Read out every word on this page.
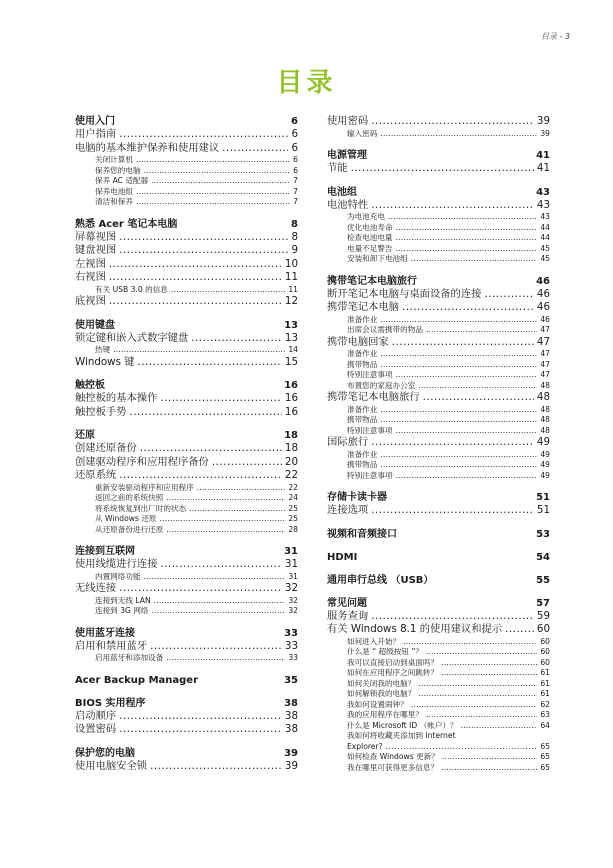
目录 - 3
目录
使用入门	6
用户指南 .....	6
电脑的基本维护保养和使用建议 .....	6
关闭计算机 .....	6
保养您的电脑 .....	6
保养 AC 适配器 .....	7
保养电池组 .....	7
清洁和保养 .....	7
熟悉 Acer 笔记本电脑	8
屏幕视图 .....	8
键盘视图 .....	9
左视图 .....	10
右视图 .....	11
有关 USB 3.0 的信息 .....	11
底视图 .....	12
使用键盘	13
锁定键和嵌入式数字键盘 .....	13
热键 .....	14
Windows 键 .....	15
触控板	16
触控板的基本操作 .....	16
触控板手势 .....	16
还原	18
创建还原备份 .....	18
创建驱动程序和应用程序备份 .....	20
还原系统 .....	22
重新安装驱动程序和应用程序 .....	22
返回之前的系统快照 .....	24
将系统恢复到出厂时的状态 .....	25
从 Windows 还原 .....	25
从还原备份进行还原 .....	28
连接到互联网	31
使用线缆进行连接 .....	31
内置网络功能 .....	31
无线连接 .....	32
连接到无线 LAN .....	32
连接到 3G 网络 .....	32
使用蓝牙连接	33
启用和禁用蓝牙 .....	33
启用蓝牙和添加设备 .....	33
Acer Backup Manager	35
BIOS 实用程序	38
启动顺序 .....	38
设置密码 .....	38
保护您的电脑	39
使用电脑安全锁 .....	39
使用密码 .....	39
输入密码 .....	39
电源管理	41
节能 .....	41
电池组	43
电池特性 .....	43
为电池充电 .....	43
优化电池寿命 .....	44
检查电池电量 .....	44
电量不足警告 .....	45
安装和卸下电池组 .....	45
携带笔记本电脑旅行	46
断开笔记本电脑与桌面设备的连接 .....	46
携带笔记本电脑 .....	46
准备作业 .....	46
出席会议需携带的物品 .....	47
携带电脑回家 .....	47
准备作业 .....	47
携带物品 .....	47
特别注意事项 .....	47
布置您的家庭办公室 .....	48
携带笔记本电脑旅行 .....	48
准备作业 .....	48
携带物品 .....	48
特别注意事项 .....	48
国际旅行 .....	49
准备作业 .....	49
携带物品 .....	49
特别注意事项 .....	49
存储卡读卡器	51
连接选项 .....	51
视频和音频接口	53
HDMI	54
通用串行总线 （USB）	55
常见问题	57
服务查询 .....	59
有关 Windows 8.1 的使用建议和提示 .....	60
如何进入开始？ .....	60
什么是 “ 超级按钮 ”？ .....	60
我可以直接启动到桌面吗？ .....	60
如何在应用程序之间跳转？ .....	61
如何关闭我的电脑？ .....	61
如何解锁我的电脑？ .....	61
我如何设置闹钟？ .....	62
我的应用程序在哪里？ .....	63
什么是 Microsoft ID （帐户）？ .....	64
我如何将收藏夹添加到 Internet
Explorer? .....	65
如何检查 Windows 更新？ .....	65
我在哪里可获得更多信息？ .....	65
